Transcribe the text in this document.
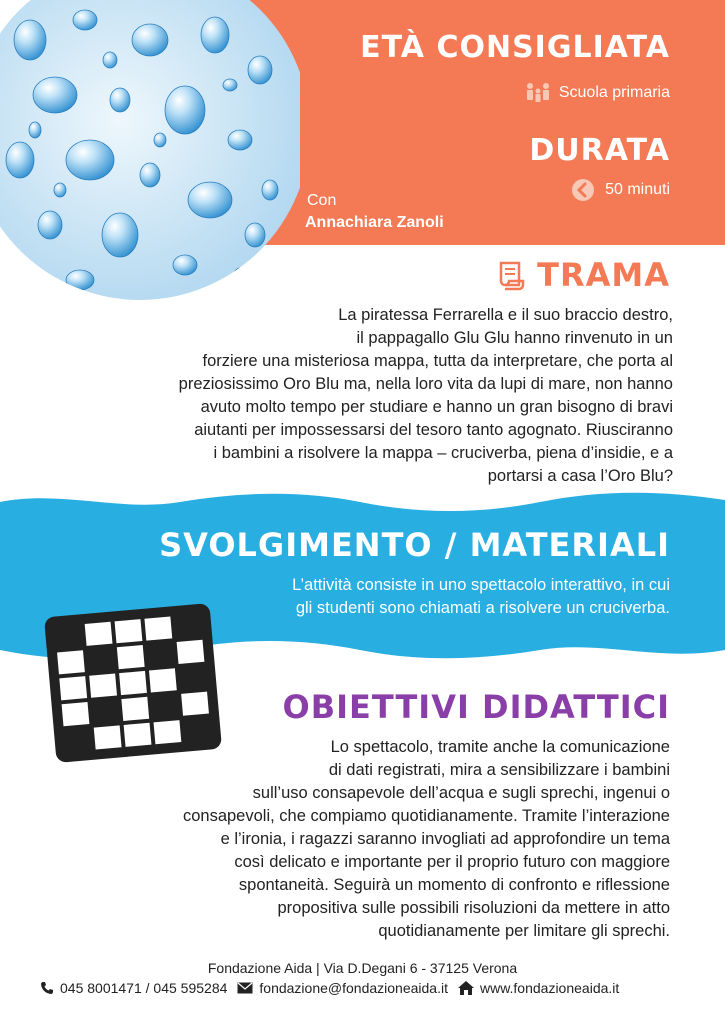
ETÀ CONSIGLIATA
Scuola primaria
DURATA
50 minuti
Con
Annachiara Zanoli
TRAMA
La piratessa Ferrarella e il suo braccio destro,
il pappagallo Glu Glu hanno rinvenuto in un
forziere una misteriosa mappa, tutta da interpretare, che porta al
preziosissimo Oro Blu ma, nella loro vita da lupi di mare, non hanno
avuto molto tempo per studiare e hanno un gran bisogno di bravi
aiutanti per impossessarsi del tesoro tanto agognato. Riusciranno
i bambini a risolvere la mappa – cruciverba, piena d’insidie, e a
portarsi a casa l’Oro Blu?
SVOLGIMENTO / MATERIALI
L’attività consiste in uno spettacolo interattivo, in cui
gli studenti sono chiamati a risolvere un cruciverba.
OBIETTIVI DIDATTICI
Lo spettacolo, tramite anche la comunicazione
di dati registrati, mira a sensibilizzare i bambini
sull’uso consapevole dell’acqua e sugli sprechi, ingenui o
consapevoli, che compiamo quotidianamente. Tramite l’interazione
e l’ironia, i ragazzi saranno invogliati ad approfondire un tema
così delicato e importante per il proprio futuro con maggiore
spontaneità. Seguirà un momento di confronto e riflessione
propositiva sulle possibili risoluzioni da mettere in atto
quotidianamente per limitare gli sprechi.
Fondazione Aida | Via D.Degani 6 - 37125 Verona
045 8001471 / 045 595284 fondazione@fondazioneaida.it www.fondazioneaida.it
